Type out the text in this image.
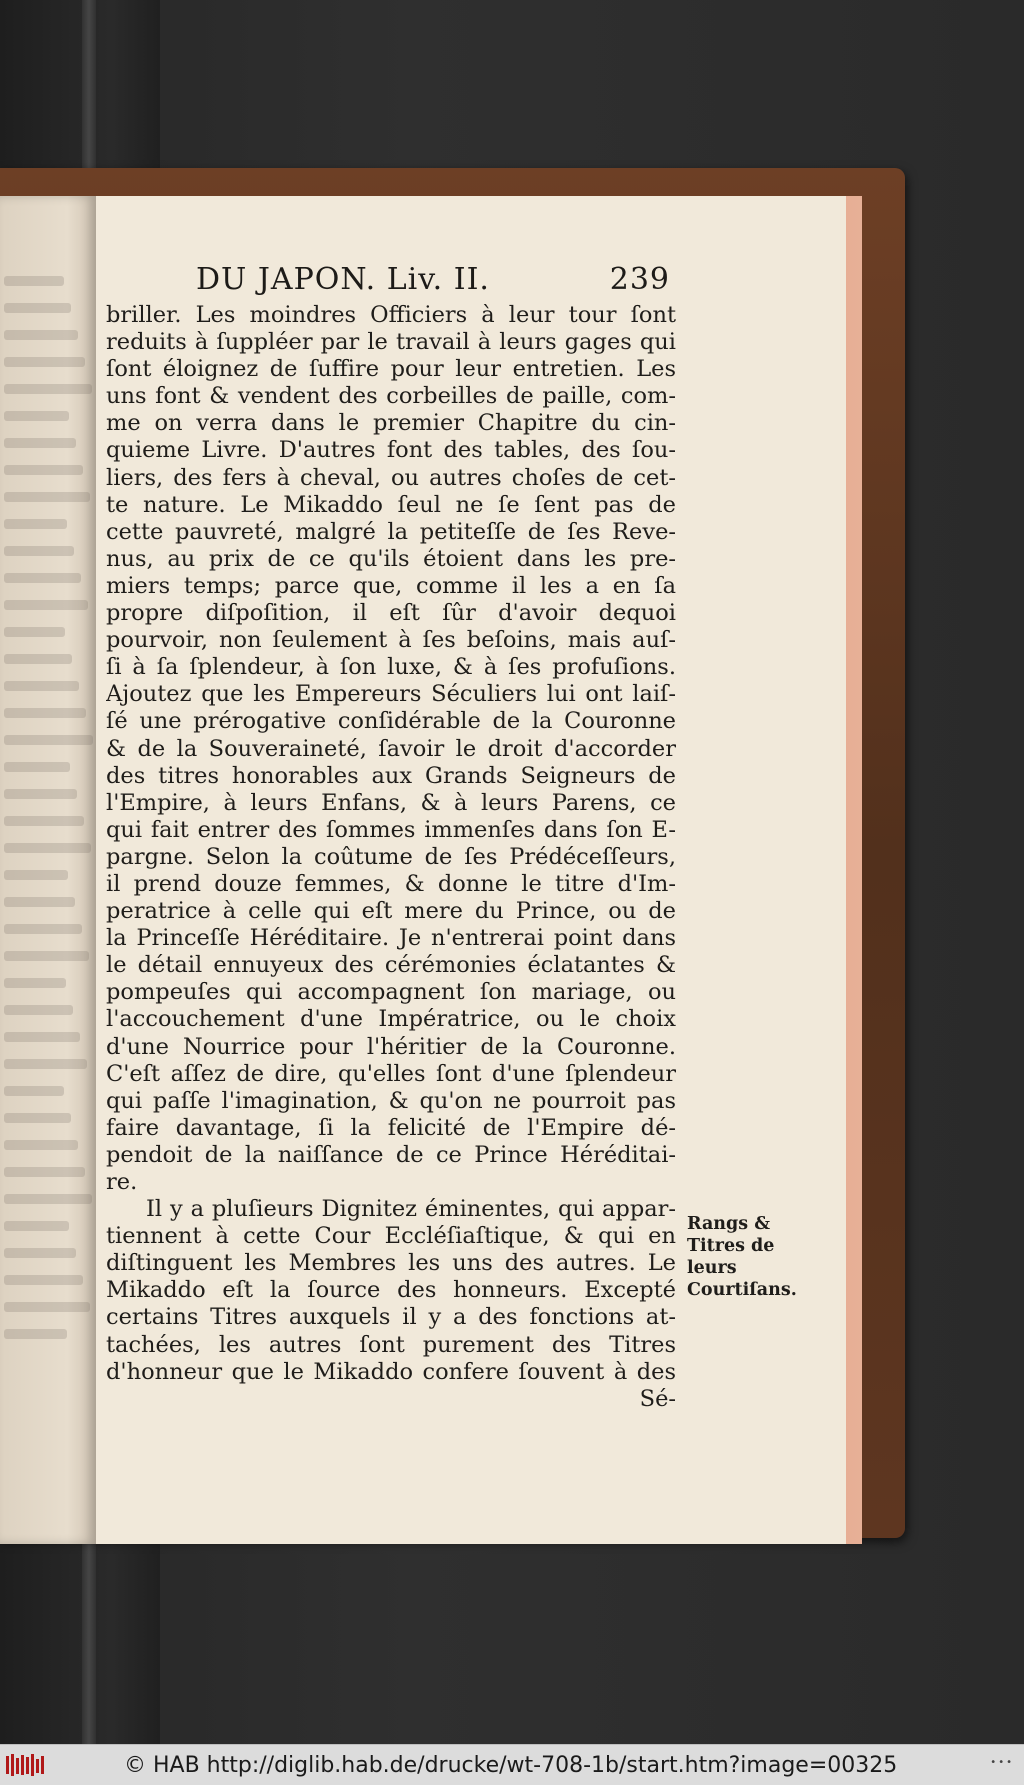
DU JAPON. Liv. II.	239
briller. Les moindres Officiers à leur tour ſont
reduits à ſuppléer par le travail à leurs gages qui
ſont éloignez de ſuffire pour leur entretien. Les
uns font & vendent des corbeilles de paille, com-
me on verra dans le premier Chapitre du cin-
quieme Livre. D'autres font des tables, des ſou-
liers, des fers à cheval, ou autres choſes de cet-
te nature. Le Mikaddo ſeul ne ſe ſent pas de
cette pauvreté, malgré la petiteſſe de ſes Reve-
nus, au prix de ce qu'ils étoient dans les pre-
miers temps; parce que, comme il les a en ſa
propre diſpoſition, il eſt ſûr d'avoir dequoi
pourvoir, non ſeulement à ſes beſoins, mais auſ-
ſi à ſa ſplendeur, à ſon luxe, & à ſes profuſions.
Ajoutez que les Empereurs Séculiers lui ont laiſ-
ſé une prérogative conſidérable de la Couronne
& de la Souveraineté, ſavoir le droit d'accorder
des titres honorables aux Grands Seigneurs de
l'Empire, à leurs Enfans, & à leurs Parens, ce
qui fait entrer des ſommes immenſes dans ſon E-
pargne. Selon la coûtume de ſes Prédéceſſeurs,
il prend douze femmes, & donne le titre d'Im-
peratrice à celle qui eſt mere du Prince, ou de
la Princeſſe Héréditaire. Je n'entrerai point dans
le détail ennuyeux des cérémonies éclatantes &
pompeuſes qui accompagnent ſon mariage, ou
l'accouchement d'une Impératrice, ou le choix
d'une Nourrice pour l'héritier de la Couronne.
C'eſt aſſez de dire, qu'elles ſont d'une ſplendeur
qui paſſe l'imagination, & qu'on ne pourroit pas
faire davantage, ſi la felicité de l'Empire dé-
pendoit de la naiſſance de ce Prince Héréditai-
re.
Il y a pluſieurs Dignitez éminentes, qui appar-
tiennent à cette Cour Eccléſiaſtique, & qui en
diſtinguent les Membres les uns des autres. Le
Mikaddo eſt la ſource des honneurs. Excepté
certains Titres auxquels il y a des fonctions at-
tachées, les autres ſont purement des Titres
d'honneur que le Mikaddo confere ſouvent à des
Sé-
Rangs &
Titres de
leurs
Courtiſans.
© HAB http://diglib.hab.de/drucke/wt-708-1b/start.htm?image=00325	•••
